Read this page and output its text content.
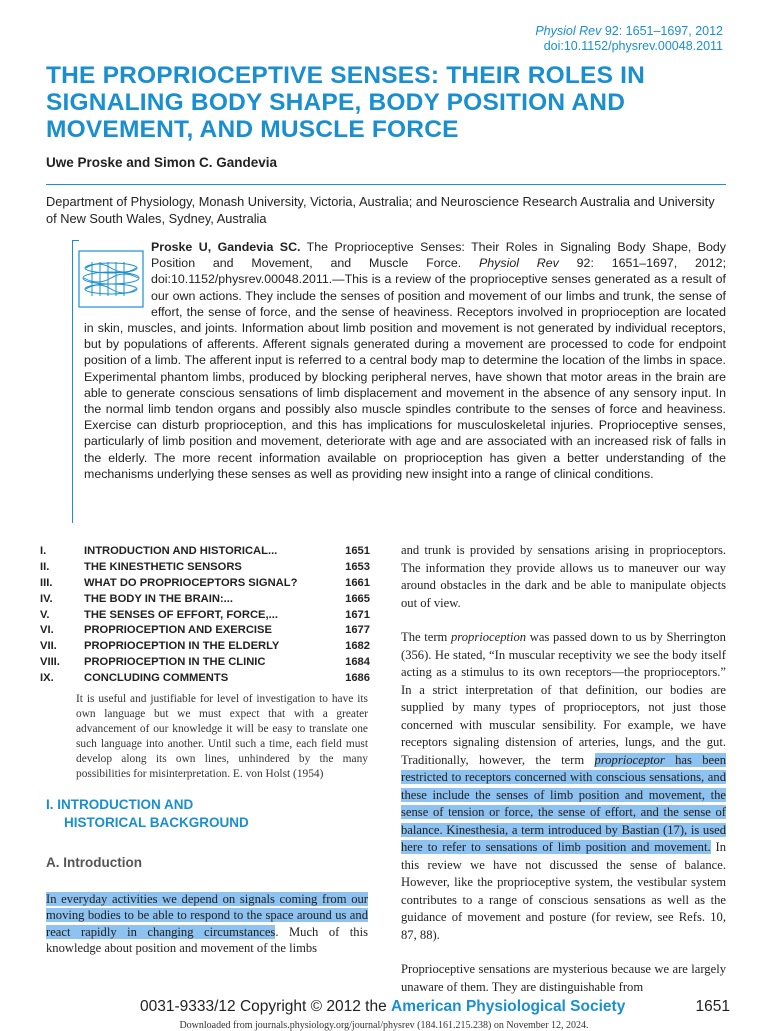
Physiol Rev 92: 1651–1697, 2012
doi:10.1152/physrev.00048.2011
THE PROPRIOCEPTIVE SENSES: THEIR ROLES IN SIGNALING BODY SHAPE, BODY POSITION AND MOVEMENT, AND MUSCLE FORCE
Uwe Proske and Simon C. Gandevia
Department of Physiology, Monash University, Victoria, Australia; and Neuroscience Research Australia and University of New South Wales, Sydney, Australia
Proske U, Gandevia SC. The Proprioceptive Senses: Their Roles in Signaling Body Shape, Body Position and Movement, and Muscle Force. Physiol Rev 92: 1651–1697, 2012; doi:10.1152/physrev.00048.2011.—This is a review of the proprioceptive senses generated as a result of our own actions. They include the senses of position and movement of our limbs and trunk, the sense of effort, the sense of force, and the sense of heaviness. Receptors involved in proprioception are located in skin, muscles, and joints. Information about limb position and movement is not generated by individual receptors, but by populations of afferents. Afferent signals generated during a movement are processed to code for endpoint position of a limb. The afferent input is referred to a central body map to determine the location of the limbs in space. Experimental phantom limbs, produced by blocking peripheral nerves, have shown that motor areas in the brain are able to generate conscious sensations of limb displacement and movement in the absence of any sensory input. In the normal limb tendon organs and possibly also muscle spindles contribute to the senses of force and heaviness. Exercise can disturb proprioception, and this has implications for musculoskeletal injuries. Proprioceptive senses, particularly of limb position and movement, deteriorate with age and are associated with an increased risk of falls in the elderly. The more recent information available on proprioception has given a better understanding of the mechanisms underlying these senses as well as providing new insight into a range of clinical conditions.
I.	INTRODUCTION AND HISTORICAL...	1651
II.	THE KINESTHETIC SENSORS	1653
III.	WHAT DO PROPRIOCEPTORS SIGNAL?	1661
IV.	THE BODY IN THE BRAIN:...	1665
V.	THE SENSES OF EFFORT, FORCE,...	1671
VI.	PROPRIOCEPTION AND EXERCISE	1677
VII.	PROPRIOCEPTION IN THE ELDERLY	1682
VIII.	PROPRIOCEPTION IN THE CLINIC	1684
IX.	CONCLUDING COMMENTS	1686
It is useful and justifiable for level of investigation to have its own language but we must expect that with a greater advancement of our knowledge it will be easy to translate one such language into another. Until such a time, each field must develop along its own lines, unhindered by the many possibilities for misinterpretation. E. von Holst (1954)
I. INTRODUCTION AND
HISTORICAL BACKGROUND
A. Introduction
In everyday activities we depend on signals coming from our moving bodies to be able to respond to the space around us and react rapidly in changing circumstances. Much of this knowledge about position and movement of the limbs

and trunk is provided by sensations arising in proprioceptors. The information they provide allows us to maneuver our way around obstacles in the dark and be able to manipulate objects out of view.

The term proprioception was passed down to us by Sherrington (356). He stated, “In muscular receptivity we see the body itself acting as a stimulus to its own receptors—the proprioceptors.” In a strict interpretation of that definition, our bodies are supplied by many types of proprioceptors, not just those concerned with muscular sensibility. For example, we have receptors signaling distension of arteries, lungs, and the gut. Traditionally, however, the term proprioceptor has been restricted to receptors concerned with conscious sensations, and these include the senses of limb position and movement, the sense of tension or force, the sense of effort, and the sense of balance. Kinesthesia, a term introduced by Bastian (17), is used here to refer to sensations of limb position and movement. In this review we have not discussed the sense of balance. However, like the proprioceptive system, the vestibular system contributes to a range of conscious sensations as well as the guidance of movement and posture (for review, see Refs. 10, 87, 88).

Proprioceptive sensations are mysterious because we are largely unaware of them. They are distinguishable from

0031-9333/12 Copyright © 2012 the American Physiological Society	1651
Downloaded from journals.physiology.org/journal/physrev (184.161.215.238) on November 12, 2024.
